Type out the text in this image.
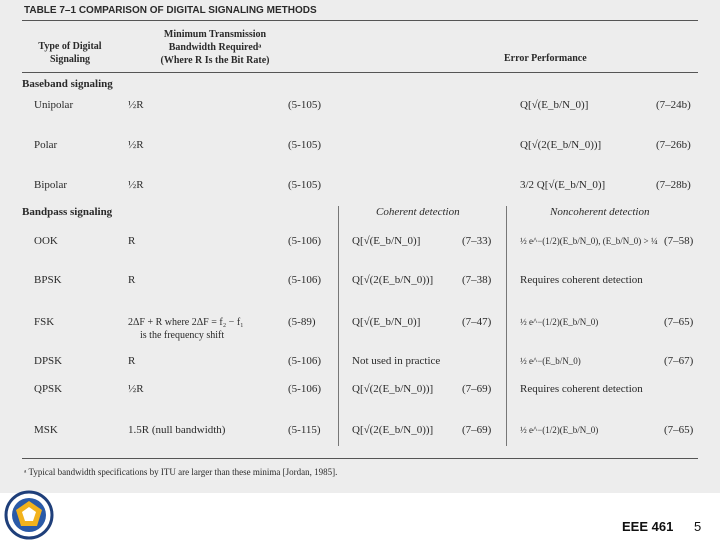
TABLE 7–1 COMPARISON OF DIGITAL SIGNALING METHODS
Type of Digital
Signaling
Minimum Transmission
Bandwidth Requiredᵃ
(Where R Is the Bit Rate)	Error Performance
Baseband signaling
Unipolar	½R	(5-105)	Q[√(E_b/N_0)]	(7–24b)
Polar	½R	(5-105)	Q[√(2(E_b/N_0))]	(7–26b)
Bipolar	½R	(5-105)	3/2 Q[√(E_b/N_0)]	(7–28b)
Bandpass signaling	Coherent detection	Noncoherent detection
OOK	R	(5-106)	Q[√(E_b/N_0)]	(7–33)	½ e^−(1/2)(E_b/N_0), (E_b/N_0) > ¼ (7–58)
BPSK	R	(5-106)	Q[√(2(E_b/N_0))]	(7–38)	Requires coherent detection
FSK	2ΔF + R where 2ΔF = f₂ − f₁
is the frequency shift
(5-89)	Q[√(E_b/N_0)]	(7–47)	½ e^−(1/2)(E_b/N_0)	(7–65)
DPSK	R	(5-106)	Not used in practice	½ e^−(E_b/N_0)	(7–67)
QPSK	½R	(5-106)	Q[√(2(E_b/N_0))]	(7–69)	Requires coherent detection
MSK	1.5R (null bandwidth)	(5-115)	Q[√(2(E_b/N_0))]	(7–69)	½ e^−(1/2)(E_b/N_0)	(7–65)
ᵃ Typical bandwidth specifications by ITU are larger than these minima [Jordan, 1985].
EEE 461 5
